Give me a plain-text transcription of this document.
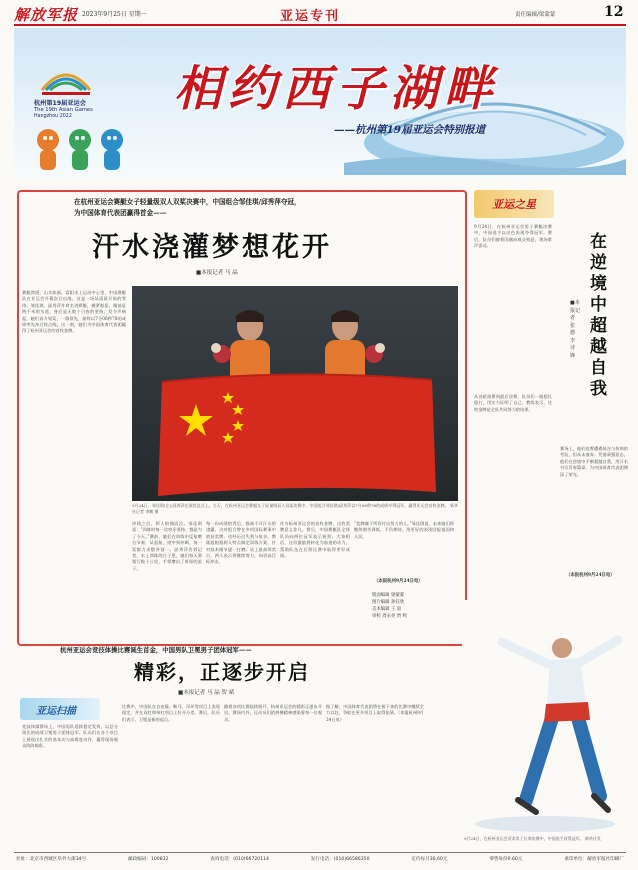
解放军报 2023年9月25日 星期一	亚运专刊	责任编辑/梁蒙蒙	12
杭州第19届亚运会
The 19th Asian Games
Hangzhou 2022 相约西子湖畔
——杭州第19届亚运会特别报道
在杭州亚运会赛艇女子轻量级双人双桨决赛中，中国组合邹佳琪/邱秀萍夺冠，
为中国体育代表团赢得首金——
汗水浇灌梦想花开
■本报记者 马 晶
赛艇湾道，山水如画。富阳水上运动中心里，中国赛艇队在亚运会开幕次日出战，这是一场从清晨开始的等待。邹佳琪、邱秀萍并肩坐进赛艇，握紧船桨，眼前是两千米的水道，身后是无数个日夜的坚持。发令声响起，她们奋力划桨，一路领先，最终以7分06秒78的成绩率先冲过终点线。这一刻，她们为中国体育代表团赢得了杭州亚运会的首枚金牌。
9月24日，邹佳琪(左)/邱秀萍在颁奖仪式上。当天，在杭州亚运会赛艇女子轻量级双人双桨决赛中，中国组合邹佳琪/邱秀萍以7分06秒78的成绩夺得冠军，赢得亚运会首枚金牌。 新华社记者 李鹏 摄
冲线之后，两人相拥而泣。邹佳琪说：“训练时每一次咬牙坚持，都是为了今天。”赛前，她们在训练中反复磨合节奏，从起航、途中到冲刺，每一桨都力求整齐划一。邱秀萍告诉记者，水上训练的日子里，她们每天要划行数十公里，手掌磨出了厚厚的茧子。
每一份成绩的背后，都离不开汗水的浇灌。这对组合曾在多项国际赛事中收获奖牌，也经历过失利与低谷。教练组根据两人特点制定训练方案，针对技术细节逐一打磨。站上最高领奖台，两人表示将继续努力，向更高目标冲击。
作为杭州亚运会的首枚金牌，这枚奖牌意义非凡。赛后，中国赛艇队全体队员向两位冠军表示祝贺。大家相信，这份激励将转化为前进的动力，帮助队伍在后续比赛中取得更好成绩。
“奖牌属于所有付出努力的人。”邹佳琪说，未来她们将继续刻苦训练，不负期待，用更好的表现回报祖国和人民。
（本报杭州9月24日电）
版面编辑 梁蒙蒙
图片编辑 孙钰欣
美术编辑 王 晨
审校 周永亮 贾 鸣
亚运之星
9月24日，在杭州亚运会男子赛艇决赛中，中国选手以出色表现夺得冠军。赛后，队员们披着国旗向观众致意，现场掌声雷动。
从首轮预赛到最后决赛，队员们一路稳扎稳打，用实力证明了自己。教练表示，这枚金牌是全队共同努力的结果。
在逆境中超越自我
■本报记者 张 德 李 诗 锋
赛场上，他们也曾遭遇低谷与伤病的考验，但从未放弃。凭借顽强意志，他们在逆境中不断超越自我，用汗水书写青春篇章，为中国体育代表团增添了荣光。
（本报杭州9月24日电）
杭州亚运会竞技体操比赛诞生首金，中国男队卫冕男子团体冠军——
精彩，正逐步开启
■本报记者 马 晶 贺 斌
亚运扫描
竞技体操赛场上，中国男队延续稳定发挥，以总分领先的成绩卫冕男子团体冠军。队员们在各个项目上展现出扎实的基本功与高难度动作，赢得现场观众阵阵喝彩。
比赛中，中国队在自由操、鞍马、吊环等项目上表现稳定，并在双杠和单杠项目上拉开分差。赛后，队员们表示，卫冕是新的起点。
随着各项比赛陆续展开，杭州亚运会的精彩正逐步开启。赛场内外，运动员们的拼搏精神感染着每一位观众。
据了解，中国体育代表团将在接下来的比赛中继续全力以赴，争取在更多项目上取得佳绩。（本报杭州9月24日电）
9月24日，在杭州亚运会武术男子长拳决赛中，中国选手获得冠军。 新华社发
社址：北京市西城区阜外大街34号	邮政编码：100832	查询电话：(010)66720114	发行电话：(010)66586350	定价每月30.60元	零售每份0.60元	承印单位：解放军报社印刷厂
